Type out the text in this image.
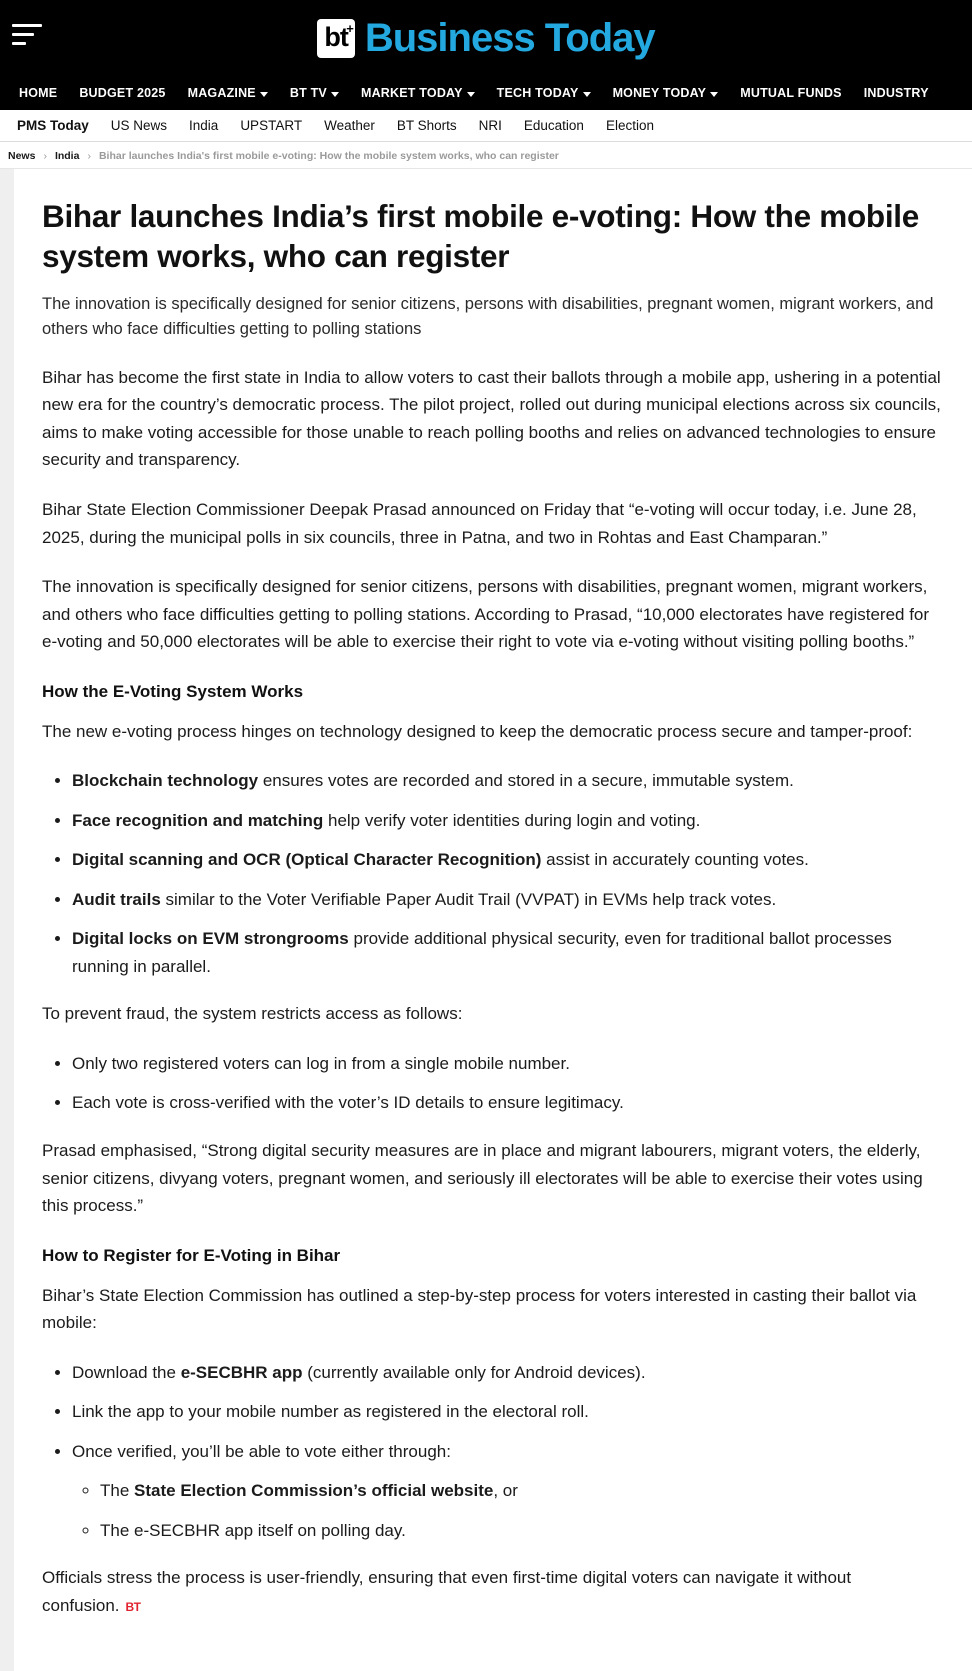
bt
+ Business Today
HOME BUDGET 2025 MAGAZINE	BT TV	MARKET TODAY	TECH TODAY	MONEY TODAY	MUTUAL FUNDS INDUSTRY
PMS Today	US News	India	UPSTART	Weather	BT Shorts	NRI	Education	Election
News › India › Bihar launches India's first mobile e-voting: How the mobile system works, who can register
Bihar launches India’s first mobile e-voting: How the mobile system works, who can register

The innovation is specifically designed for senior citizens, persons with disabilities, pregnant women, migrant workers, and others who face difficulties getting to polling stations

Bihar has become the first state in India to allow voters to cast their ballots through a mobile app, ushering in a potential new era for the country’s democratic process. The pilot project, rolled out during municipal elections across six councils, aims to make voting accessible for those unable to reach polling booths and relies on advanced technologies to ensure security and transparency.

Bihar State Election Commissioner Deepak Prasad announced on Friday that “e-voting will occur today, i.e. June 28, 2025, during the municipal polls in six councils, three in Patna, and two in Rohtas and East Champaran.”

The innovation is specifically designed for senior citizens, persons with disabilities, pregnant women, migrant workers, and others who face difficulties getting to polling stations. According to Prasad, “10,000 electorates have registered for e-voting and 50,000 electorates will be able to exercise their right to vote via e-voting without visiting polling booths.”

How the E-Voting System Works

The new e-voting process hinges on technology designed to keep the democratic process secure and tamper-proof:

• Blockchain technology ensures votes are recorded and stored in a secure, immutable system.
• Face recognition and matching help verify voter identities during login and voting.
• Digital scanning and OCR (Optical Character Recognition) assist in accurately counting votes.
• Audit trails similar to the Voter Verifiable Paper Audit Trail (VVPAT) in EVMs help track votes.
• Digital locks on EVM strongrooms provide additional physical security, even for traditional ballot processes running in parallel.

To prevent fraud, the system restricts access as follows:

• Only two registered voters can log in from a single mobile number.
• Each vote is cross-verified with the voter’s ID details to ensure legitimacy.

Prasad emphasised, “Strong digital security measures are in place and migrant labourers, migrant voters, the elderly, senior citizens, divyang voters, pregnant women, and seriously ill electorates will be able to exercise their votes using this process.”

How to Register for E-Voting in Bihar

Bihar’s State Election Commission has outlined a step-by-step process for voters interested in casting their ballot via mobile:

• Download the e-SECBHR app (currently available only for Android devices).
• Link the app to your mobile number as registered in the electoral roll.
• Once verified, you’ll be able to vote either through:
◦ The State Election Commission’s official website, or
◦ The e-SECBHR app itself on polling day.

Officials stress the process is user-friendly, ensuring that even first-time digital voters can navigate it without confusion. BT
